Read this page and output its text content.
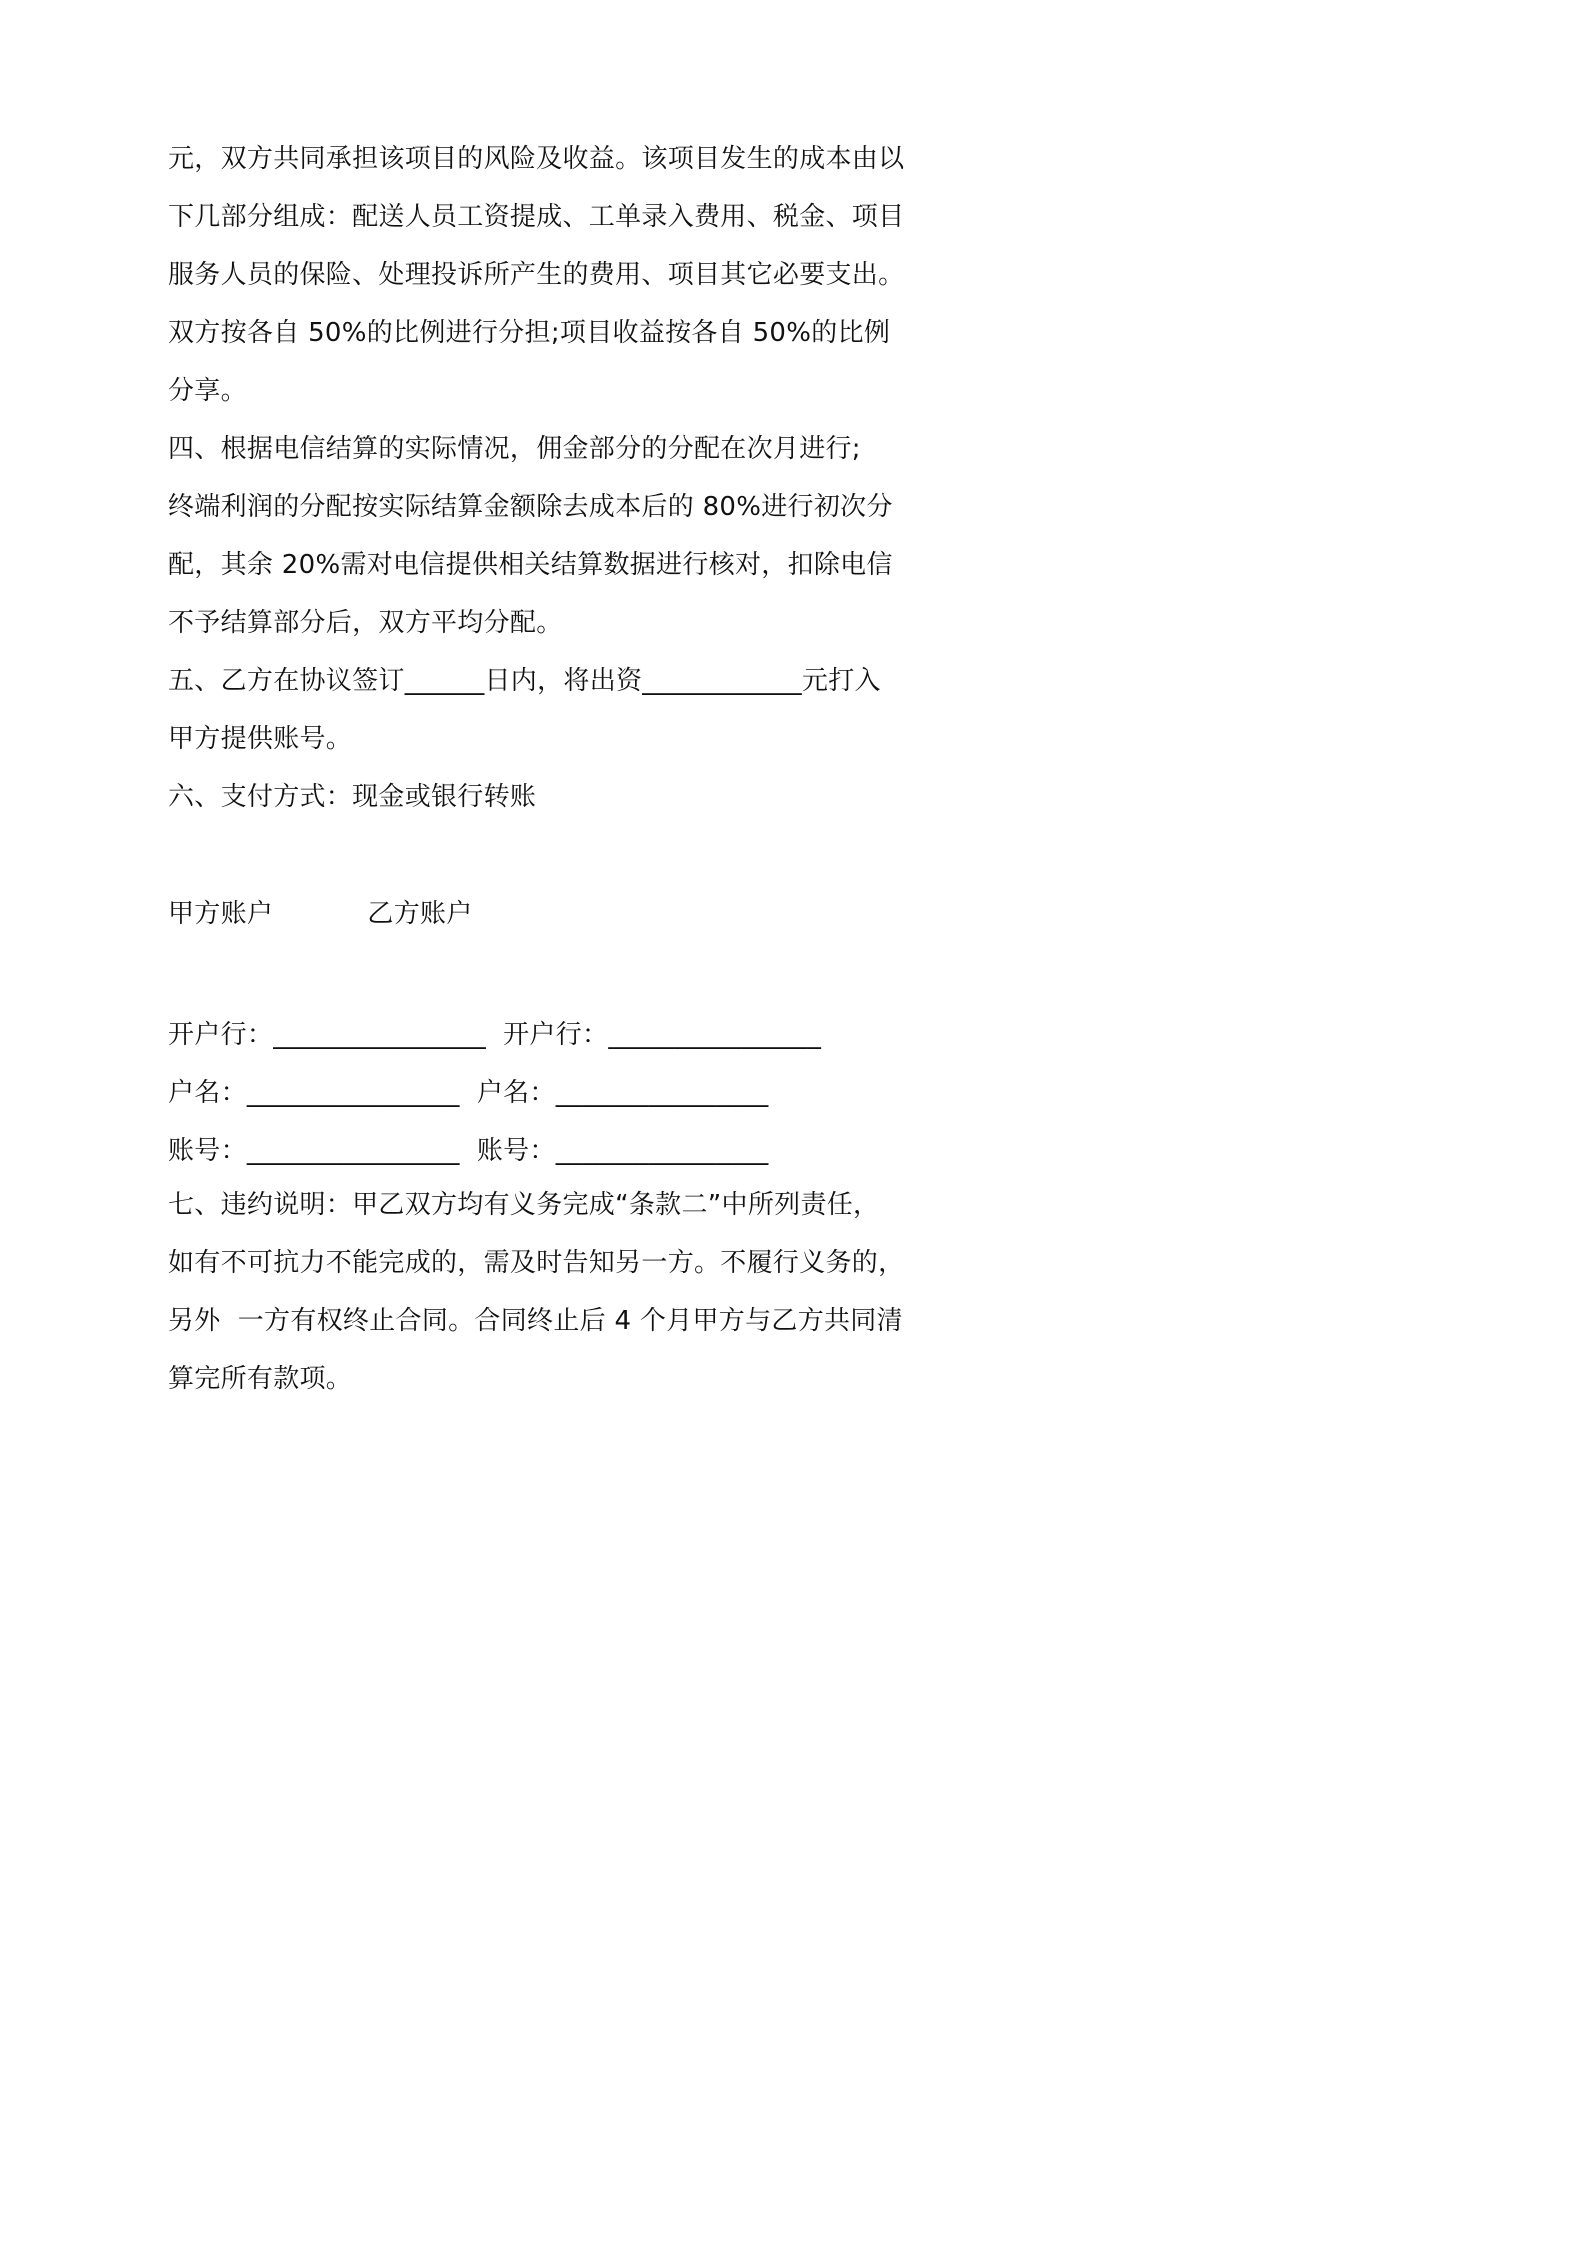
元，双方共同承担该项目的风险及收益。该项目发生的成本由以
下几部分组成：配送人员工资提成、工单录入费用、税金、项目
服务人员的保险、处理投诉所产生的费用、项目其它必要支出。
双方按各自 50%的比例进行分担;项目收益按各自 50%的比例
分享。
四、根据电信结算的实际情况，佣金部分的分配在次月进行;
终端利润的分配按实际结算金额除去成本后的 80%进行初次分
配，其余 20%需对电信提供相关结算数据进行核对，扣除电信
不予结算部分后，双方平均分配。
五、乙方在协议签订______日内，将出资____________元打入
甲方提供账号。
六、支付方式：现金或银行转账
甲方账户           乙方账户
开户行：________________  开户行：________________
户名：________________  户名：________________
账号：________________  账号：________________
七、违约说明：甲乙双方均有义务完成“条款二”中所列责任，
如有不可抗力不能完成的，需及时告知另一方。不履行义务的，
另外  一方有权终止合同。合同终止后 4 个月甲方与乙方共同清
算完所有款项。
